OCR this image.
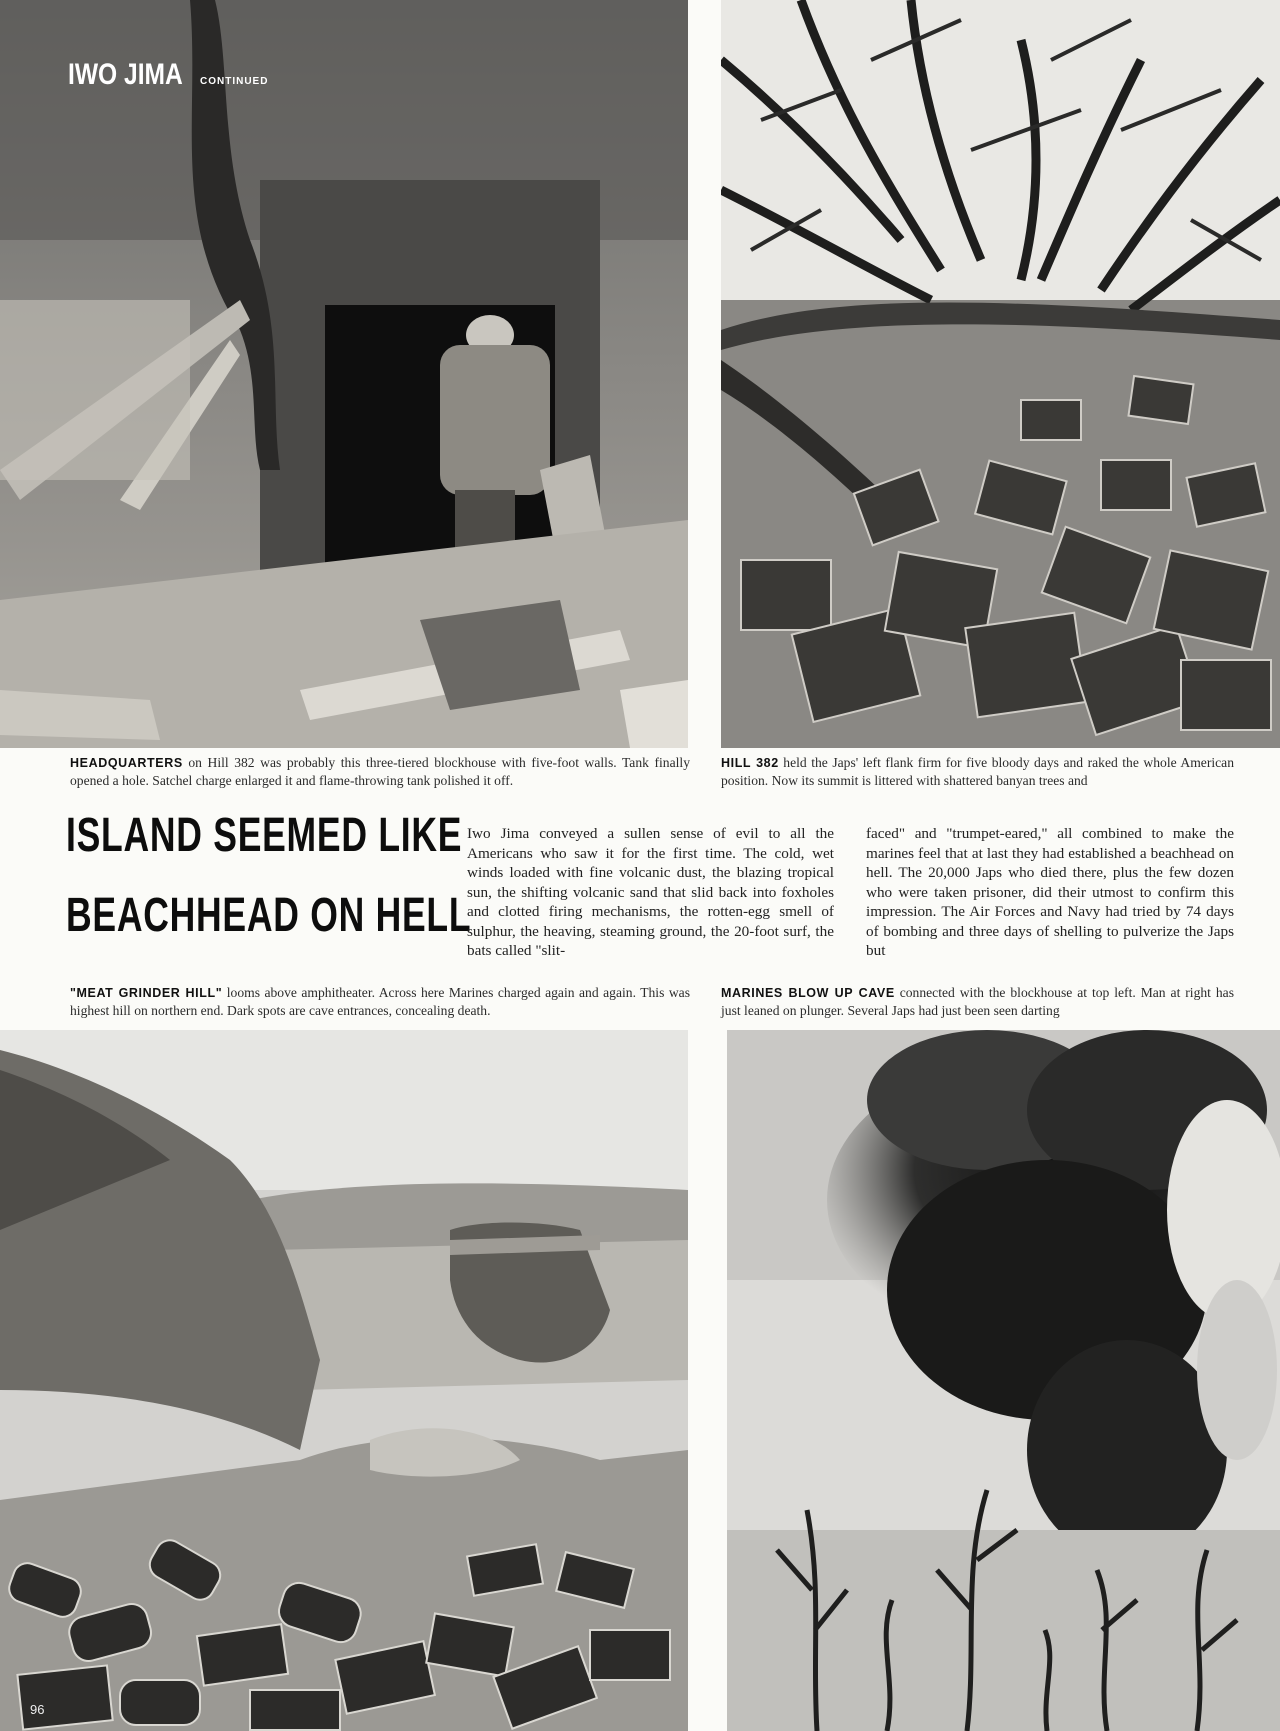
IWO JIMA CONTINUED
HEADQUARTERS on Hill 382 was probably this three-tiered blockhouse with five-foot walls. Tank finally opened a hole. Satchel charge enlarged it and flame-throwing tank polished it off.
HILL 382 held the Japs' left flank firm for five bloody days and raked the whole American position. Now its summit is littered with shattered banyan trees and
ISLAND SEEMED LIKE
BEACHHEAD ON HELL
Iwo Jima conveyed a sullen sense of evil to all the Americans who saw it for the first time. The cold, wet winds loaded with fine volcanic dust, the blazing tropical sun, the shifting volcanic sand that slid back into foxholes and clotted firing mechanisms, the rotten-egg smell of sulphur, the heaving, steaming ground, the 20-foot surf, the bats called "slit-
faced" and "trumpet-eared," all combined to make the marines feel that at last they had established a beachhead on hell. The 20,000 Japs who died there, plus the few dozen who were taken prisoner, did their utmost to confirm this impression. The Air Forces and Navy had tried by 74 days of bombing and three days of shelling to pulverize the Japs but
"MEAT GRINDER HILL" looms above amphitheater. Across here Marines charged again and again. This was highest hill on northern end. Dark spots are cave entrances, concealing death.
MARINES BLOW UP CAVE connected with the blockhouse at top left. Man at right has just leaned on plunger. Several Japs had just been seen darting
96
